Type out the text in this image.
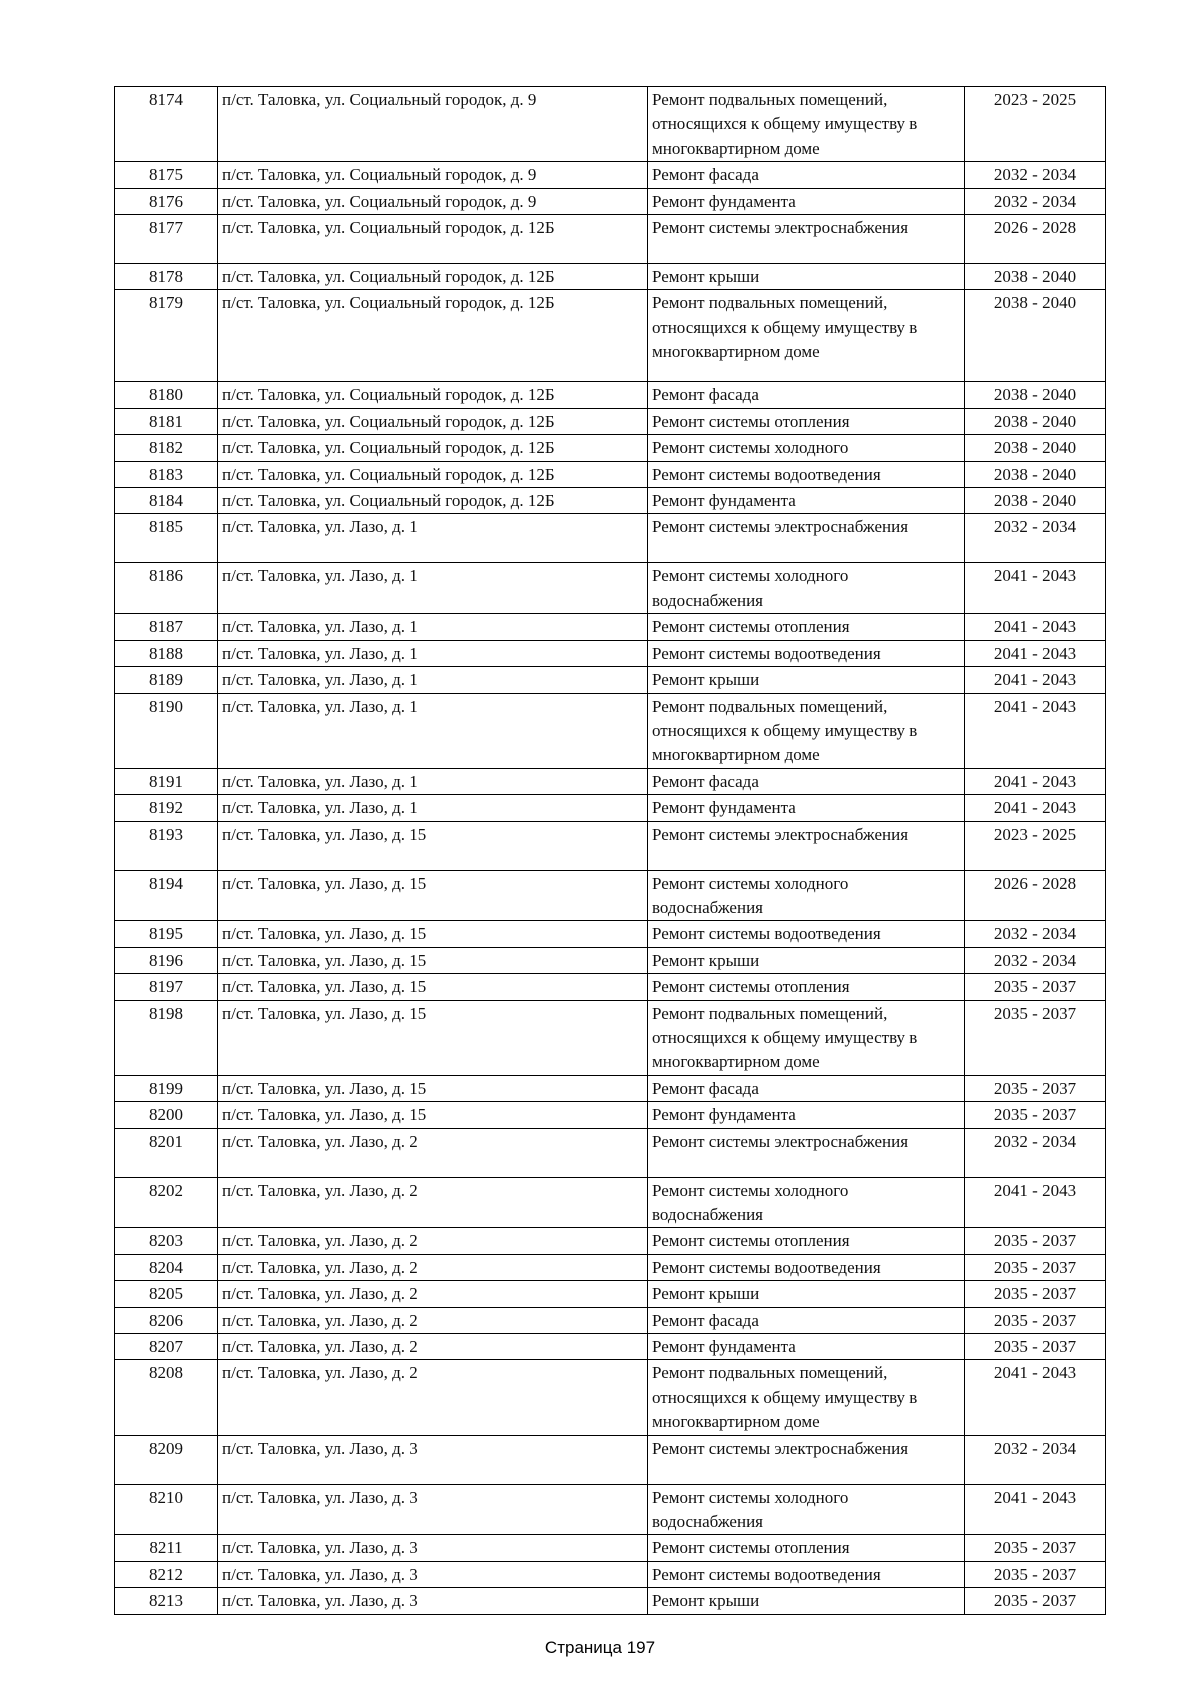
8174	п/ст. Таловка, ул. Социальный городок, д. 9	Ремонт подвальных помещений, относящихся к общему имуществу в многоквартирном доме	2023 - 2025
8175	п/ст. Таловка, ул. Социальный городок, д. 9	Ремонт фасада	2032 - 2034
8176	п/ст. Таловка, ул. Социальный городок, д. 9	Ремонт фундамента	2032 - 2034
8177	п/ст. Таловка, ул. Социальный городок, д. 12Б	Ремонт системы электроснабжения	2026 - 2028
8178	п/ст. Таловка, ул. Социальный городок, д. 12Б	Ремонт крыши	2038 - 2040
8179	п/ст. Таловка, ул. Социальный городок, д. 12Б	Ремонт подвальных помещений, относящихся к общему имуществу в многоквартирном доме	2038 - 2040
8180	п/ст. Таловка, ул. Социальный городок, д. 12Б	Ремонт фасада	2038 - 2040
8181	п/ст. Таловка, ул. Социальный городок, д. 12Б	Ремонт системы отопления	2038 - 2040
8182	п/ст. Таловка, ул. Социальный городок, д. 12Б	Ремонт системы холодного	2038 - 2040
8183	п/ст. Таловка, ул. Социальный городок, д. 12Б	Ремонт системы водоотведения	2038 - 2040
8184	п/ст. Таловка, ул. Социальный городок, д. 12Б	Ремонт фундамента	2038 - 2040
8185	п/ст. Таловка, ул. Лазо, д. 1	Ремонт системы электроснабжения	2032 - 2034
8186	п/ст. Таловка, ул. Лазо, д. 1	Ремонт системы холодного водоснабжения	2041 - 2043
8187	п/ст. Таловка, ул. Лазо, д. 1	Ремонт системы отопления	2041 - 2043
8188	п/ст. Таловка, ул. Лазо, д. 1	Ремонт системы водоотведения	2041 - 2043
8189	п/ст. Таловка, ул. Лазо, д. 1	Ремонт крыши	2041 - 2043
8190	п/ст. Таловка, ул. Лазо, д. 1	Ремонт подвальных помещений, относящихся к общему имуществу в многоквартирном доме	2041 - 2043
8191	п/ст. Таловка, ул. Лазо, д. 1	Ремонт фасада	2041 - 2043
8192	п/ст. Таловка, ул. Лазо, д. 1	Ремонт фундамента	2041 - 2043
8193	п/ст. Таловка, ул. Лазо, д. 15	Ремонт системы электроснабжения	2023 - 2025
8194	п/ст. Таловка, ул. Лазо, д. 15	Ремонт системы холодного водоснабжения	2026 - 2028
8195	п/ст. Таловка, ул. Лазо, д. 15	Ремонт системы водоотведения	2032 - 2034
8196	п/ст. Таловка, ул. Лазо, д. 15	Ремонт крыши	2032 - 2034
8197	п/ст. Таловка, ул. Лазо, д. 15	Ремонт системы отопления	2035 - 2037
8198	п/ст. Таловка, ул. Лазо, д. 15	Ремонт подвальных помещений, относящихся к общему имуществу в многоквартирном доме	2035 - 2037
8199	п/ст. Таловка, ул. Лазо, д. 15	Ремонт фасада	2035 - 2037
8200	п/ст. Таловка, ул. Лазо, д. 15	Ремонт фундамента	2035 - 2037
8201	п/ст. Таловка, ул. Лазо, д. 2	Ремонт системы электроснабжения	2032 - 2034
8202	п/ст. Таловка, ул. Лазо, д. 2	Ремонт системы холодного водоснабжения	2041 - 2043
8203	п/ст. Таловка, ул. Лазо, д. 2	Ремонт системы отопления	2035 - 2037
8204	п/ст. Таловка, ул. Лазо, д. 2	Ремонт системы водоотведения	2035 - 2037
8205	п/ст. Таловка, ул. Лазо, д. 2	Ремонт крыши	2035 - 2037
8206	п/ст. Таловка, ул. Лазо, д. 2	Ремонт фасада	2035 - 2037
8207	п/ст. Таловка, ул. Лазо, д. 2	Ремонт фундамента	2035 - 2037
8208	п/ст. Таловка, ул. Лазо, д. 2	Ремонт подвальных помещений, относящихся к общему имуществу в многоквартирном доме	2041 - 2043
8209	п/ст. Таловка, ул. Лазо, д. 3	Ремонт системы электроснабжения	2032 - 2034
8210	п/ст. Таловка, ул. Лазо, д. 3	Ремонт системы холодного водоснабжения	2041 - 2043
8211	п/ст. Таловка, ул. Лазо, д. 3	Ремонт системы отопления	2035 - 2037
8212	п/ст. Таловка, ул. Лазо, д. 3	Ремонт системы водоотведения	2035 - 2037
8213	п/ст. Таловка, ул. Лазо, д. 3	Ремонт крыши	2035 - 2037
Страница 197
